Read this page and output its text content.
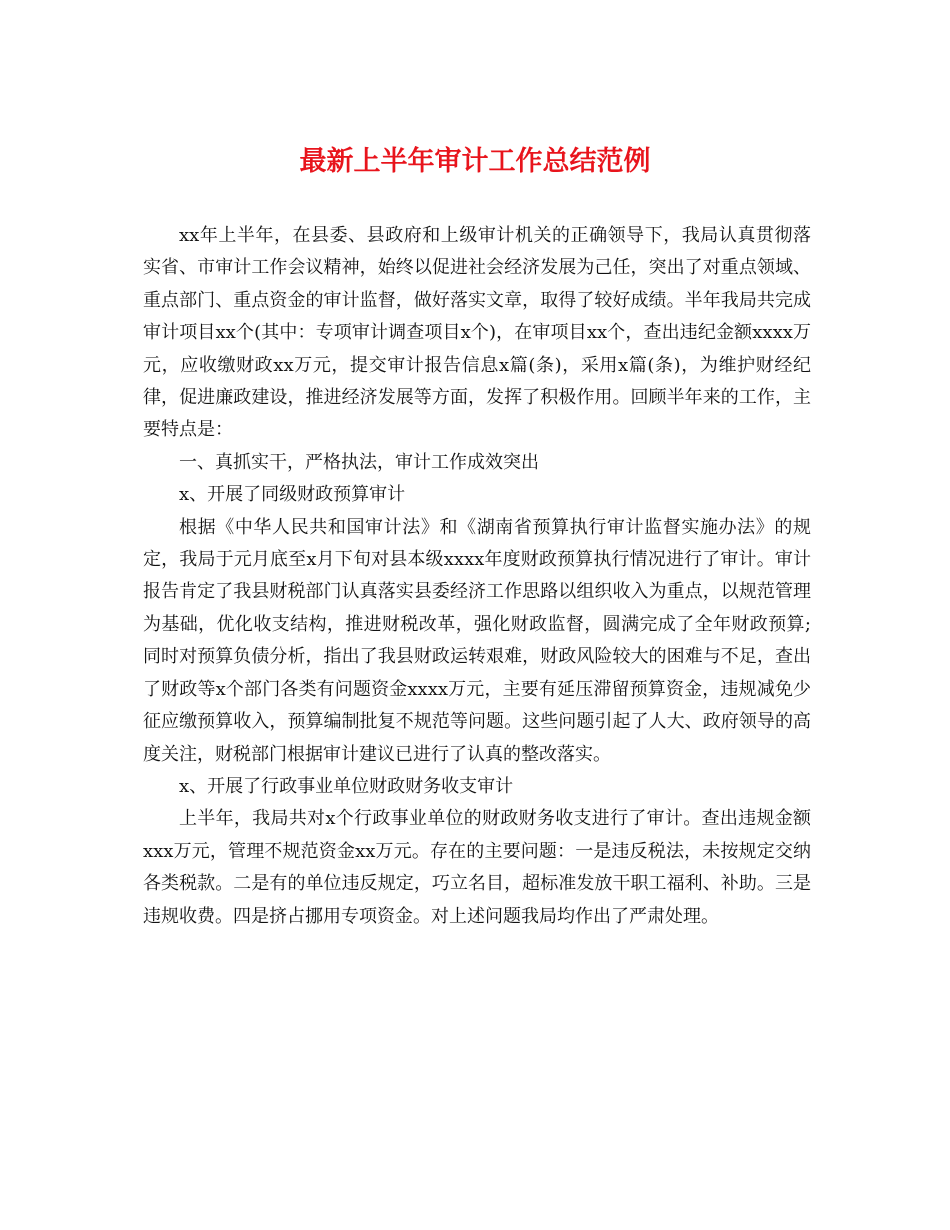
最新上半年审计工作总结范例

xx年上半年，在县委、县政府和上级审计机关的正确领导下，我局认真贯彻落实省、市审计工作会议精神，始终以促进社会经济发展为己任，突出了对重点领域、重点部门、重点资金的审计监督，做好落实文章，取得了较好成绩。半年我局共完成审计项目xx个(其中：专项审计调查项目x个)，在审项目xx个，查出违纪金额xxxx万元，应收缴财政xx万元，提交审计报告信息x篇(条)，采用x篇(条)，为维护财经纪律，促进廉政建设，推进经济发展等方面，发挥了积极作用。回顾半年来的工作，主要特点是：

一、真抓实干，严格执法，审计工作成效突出

x、开展了同级财政预算审计

根据《中华人民共和国审计法》和《湖南省预算执行审计监督实施办法》的规定，我局于元月底至x月下旬对县本级xxxx年度财政预算执行情况进行了审计。审计报告肯定了我县财税部门认真落实县委经济工作思路以组织收入为重点，以规范管理为基础，优化收支结构，推进财税改革，强化财政监督，圆满完成了全年财政预算;同时对预算负债分析，指出了我县财政运转艰难，财政风险较大的困难与不足，查出了财政等x个部门各类有问题资金xxxx万元，主要有延压滞留预算资金，违规减免少征应缴预算收入，预算编制批复不规范等问题。这些问题引起了人大、政府领导的高度关注，财税部门根据审计建议已进行了认真的整改落实。

x、开展了行政事业单位财政财务收支审计

上半年，我局共对x个行政事业单位的财政财务收支进行了审计。查出违规金额xxx万元，管理不规范资金xx万元。存在的主要问题：一是违反税法，未按规定交纳各类税款。二是有的单位违反规定，巧立名目，超标准发放干职工福利、补助。三是违规收费。四是挤占挪用专项资金。对上述问题我局均作出了严肃处理。
